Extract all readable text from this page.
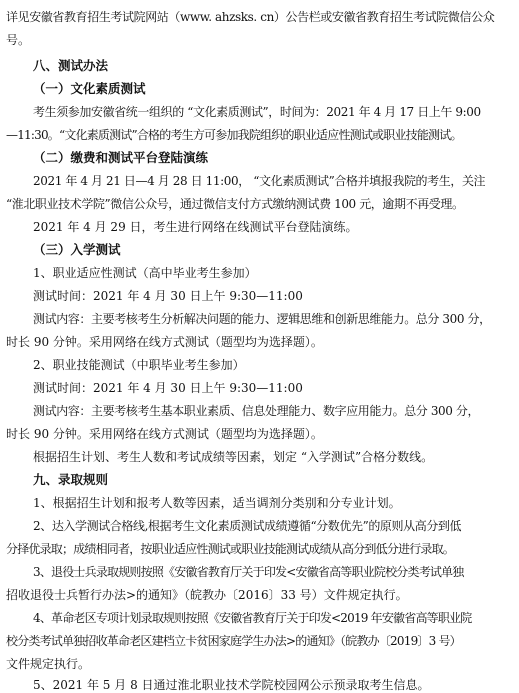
详见安徽省教育招生考试院网站（www. ahzsks. cn）公告栏或安徽省教育招生考试院微信公众
号。
八、测试办法
（一）文化素质测试
考生须参加安徽省统一组织的 “文化素质测试”，时间为：2021 年 4 月 17 日上午 9:00
—11:30。“文化素质测试”合格的考生方可参加我院组织的职业适应性测试或职业技能测试。
（二）缴费和测试平台登陆演练
2021 年 4 月 21 日—4 月 28 日 11:00， “文化素质测试”合格并填报我院的考生，关注
“淮北职业技术学院”微信公众号，通过微信支付方式缴纳测试费 100 元，逾期不再受理。
2021 年 4 月 29 日，考生进行网络在线测试平台登陆演练。
（三）入学测试
1、职业适应性测试（高中毕业考生参加）
测试时间：2021 年 4 月 30 日上午 9:30—11:00
测试内容：主要考核考生分析解决问题的能力、逻辑思维和创新思维能力。总分 300 分，
时长 90 分钟。采用网络在线方式测试（题型均为选择题）。
2、职业技能测试（中职毕业考生参加）
测试时间：2021 年 4 月 30 日上午 9:30—11:00
测试内容：主要考核考生基本职业素质、信息处理能力、数字应用能力。总分 300 分，
时长 90 分钟。采用网络在线方式测试（题型均为选择题）。
根据招生计划、考生人数和考试成绩等因素，划定 “入学测试”合格分数线。
九、录取规则
1、根据招生计划和报考人数等因素，适当调剂分类别和分专业计划。
2、达入学测试合格线,根据考生文化素质测试成绩遵循“分数优先”的原则从高分到低
分择优录取；成绩相同者，按职业适应性测试或职业技能测试成绩从高分到低分进行录取。
3、退役士兵录取规则按照《安徽省教育厅关于印发<安徽省高等职业院校分类考试单独
招收退役士兵暂行办法>的通知》（皖教办〔2016〕33 号）文件规定执行。
4、革命老区专项计划录取规则按照《安徽省教育厅关于印发<2019 年安徽省高等职业院
校分类考试单独招收革命老区建档立卡贫困家庭学生办法>的通知》（皖教办〔2019〕3 号）
文件规定执行。
5、2021 年 5 月 8 日通过淮北职业技术学院校园网公示预录取考生信息。
